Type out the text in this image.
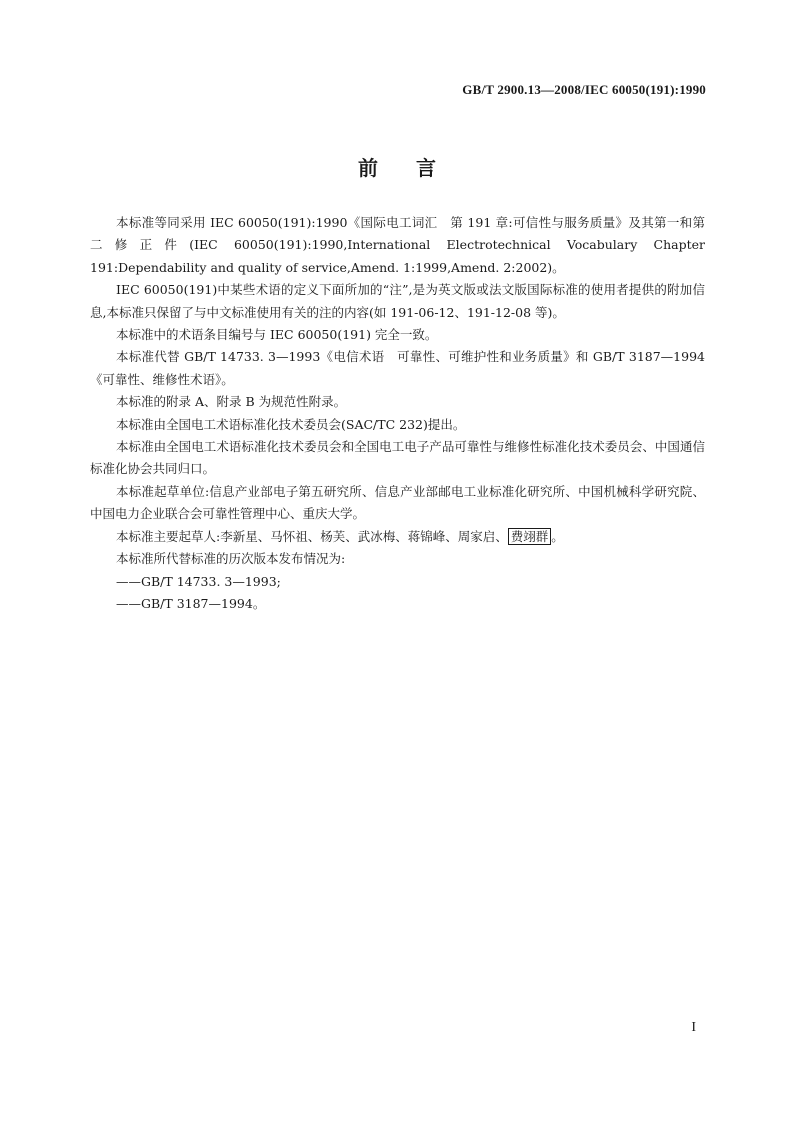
GB/T 2900.13—2008/IEC 60050(191):1990
前言

本标准等同采用 IEC 60050(191):1990《国际电工词汇　第 191 章:可信性与服务质量》及其第一和第二修正件(IEC 60050(191):1990,International Electrotechnical Vocabulary Chapter 191:Dependability and quality of service,Amend. 1:1999,Amend. 2:2002)。

IEC 60050(191)中某些术语的定义下面所加的“注”,是为英文版或法文版国际标准的使用者提供的附加信息,本标准只保留了与中文标准使用有关的注的内容(如 191-06-12、191-12-08 等)。

本标准中的术语条目编号与 IEC 60050(191) 完全一致。

本标准代替 GB/T 14733. 3—1993《电信术语　可靠性、可维护性和业务质量》和 GB/T 3187—1994《可靠性、维修性术语》。

本标准的附录 A、附录 B 为规范性附录。

本标准由全国电工术语标准化技术委员会(SAC/TC 232)提出。

本标准由全国电工术语标准化技术委员会和全国电工电子产品可靠性与维修性标准化技术委员会、中国通信标准化协会共同归口。

本标准起草单位:信息产业部电子第五研究所、信息产业部邮电工业标准化研究所、中国机械科学研究院、中国电力企业联合会可靠性管理中心、重庆大学。

本标准主要起草人:李新星、马怀祖、杨芙、武冰梅、蒋锦峰、周家启、 费翊群 。

本标准所代替标准的历次版本发布情况为:

——GB/T 14733. 3—1993;

——GB/T 3187—1994。

I
